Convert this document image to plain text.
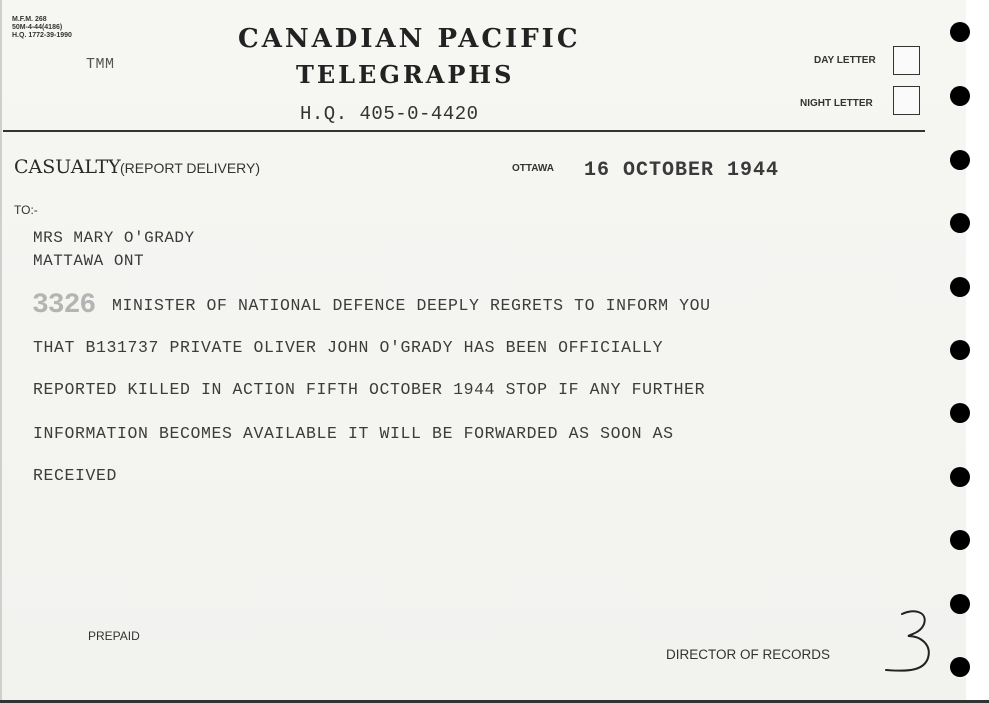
M.F.M. 268
50M-4-44(4186)
H.Q. 1772-39-1990
TMM
CANADIAN PACIFIC
TELEGRAPHS
H.Q. 405-0-4420
DAY LETTER
NIGHT LETTER
CASUALTY (REPORT DELIVERY)	OTTAWA 16 OCTOBER 1944
TO:-
MRS MARY O'GRADY
MATTAWA ONT
3326 MINISTER OF NATIONAL DEFENCE DEEPLY REGRETS TO INFORM YOU
THAT B131737 PRIVATE OLIVER JOHN O'GRADY HAS BEEN OFFICIALLY
REPORTED KILLED IN ACTION FIFTH OCTOBER 1944 STOP IF ANY FURTHER
INFORMATION BECOMES AVAILABLE IT WILL BE FORWARDED AS SOON AS
RECEIVED
PREPAID
DIRECTOR OF RECORDS
